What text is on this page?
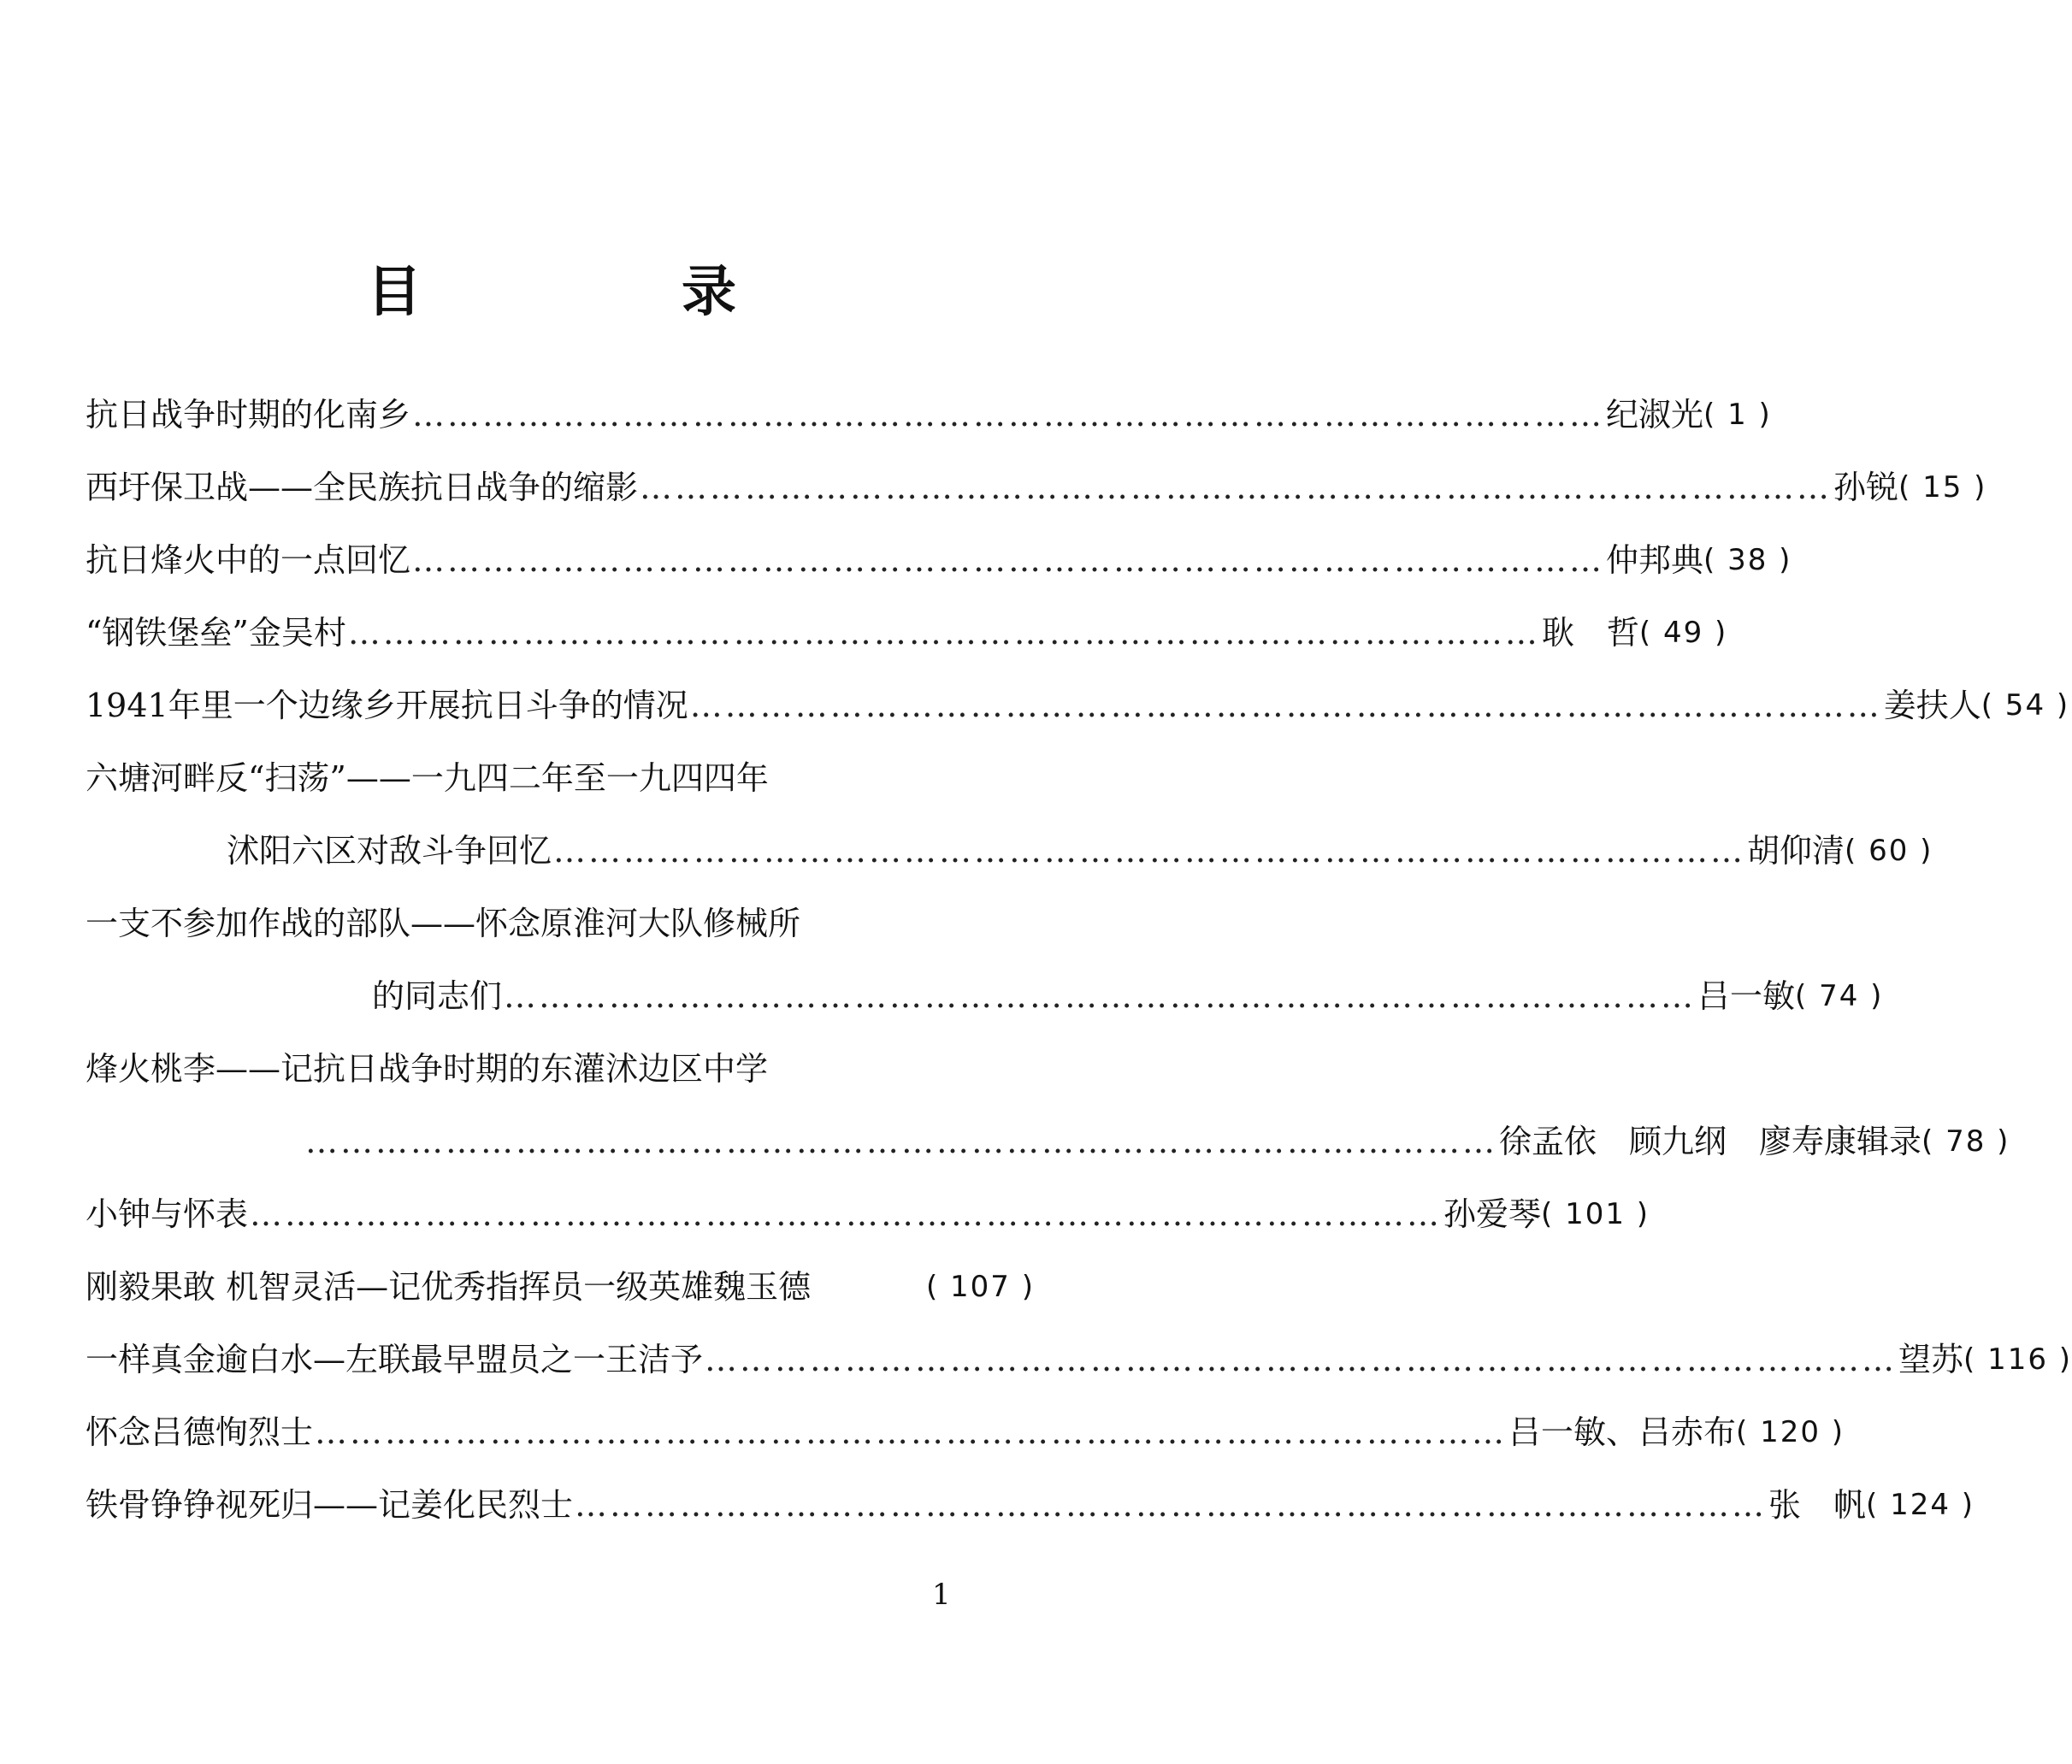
目　录
抗日战争时期的化南乡 ………………………………………………………………………………………… 纪淑光 ( 1 )
西圩保卫战——全民族抗日战争的缩影 ………………………………………………………………………………………… 孙锐 ( 15 )
抗日烽火中的一点回忆 ………………………………………………………………………………………… 仲邦典 ( 38 )
“钢铁堡垒”金吴村 ………………………………………………………………………………………… 耿　哲 ( 49 )
1941年里一个边缘乡开展抗日斗争的情况 ………………………………………………………………………………………… 姜扶人 ( 54 )
六塘河畔反“扫荡”——一九四二年至一九四四年
沭阳六区对敌斗争回忆 ………………………………………………………………………………………… 胡仰清 ( 60 )
一支不参加作战的部队——怀念原淮河大队修械所
的同志们 ………………………………………………………………………………………… 吕一敏 ( 74 )
烽火桃李——记抗日战争时期的东灌沭边区中学
………………………………………………………………………………………… 徐孟依　顾九纲　廖寿康辑录 ( 78 )
小钟与怀表 ………………………………………………………………………………………… 孙爱琴 ( 101 )
刚毅果敢 机智灵活—记优秀指挥员一级英雄魏玉德	( 107 )
一样真金逾白水—左联最早盟员之一王洁予 ………………………………………………………………………………………… 望苏 ( 116 )
怀念吕德恂烈士 ………………………………………………………………………………………… 吕一敏、吕赤布 ( 120 )
铁骨铮铮视死归——记姜化民烈士 ………………………………………………………………………………………… 张　帆 ( 124 )
1
